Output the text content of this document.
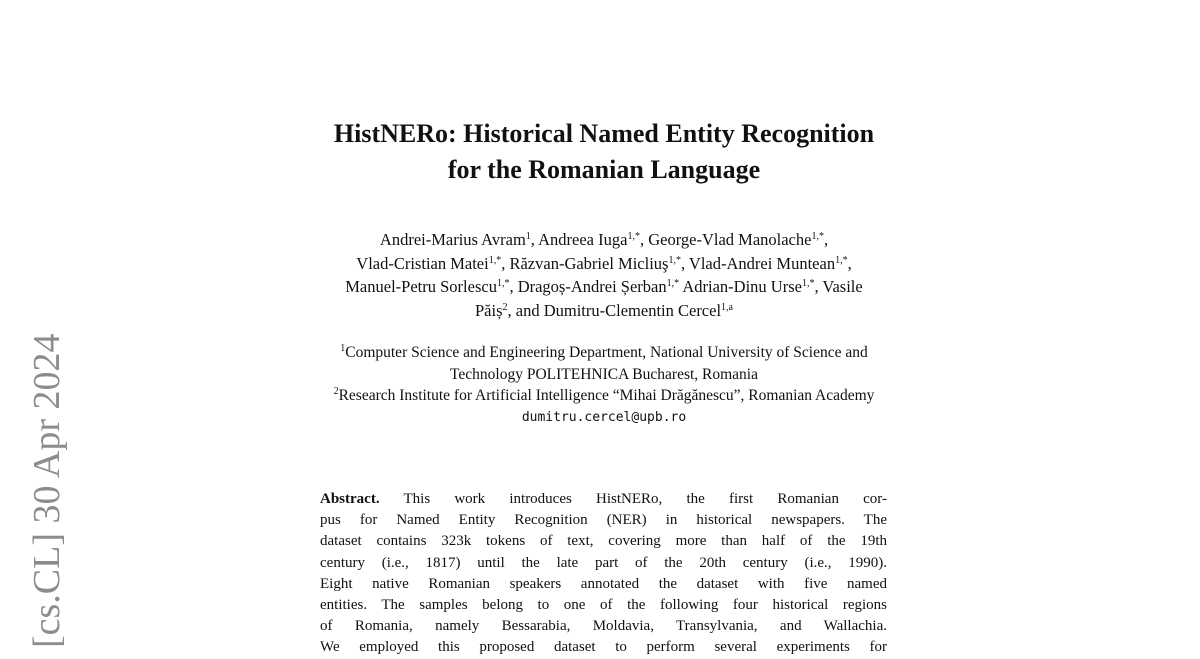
[cs.CL] 30 Apr 2024
HistNERo: Historical Named Entity Recognition
for the Romanian Language
Andrei-Marius Avram$^1$, Andreea Iuga$^{1,*}$, George-Vlad Manolache$^{1,*}$,
Vlad-Cristian Matei$^{1,*}$, Răzvan-Gabriel Micliuş$^{1,*}$, Vlad-Andrei Muntean$^{1,*}$,
Manuel-Petru Sorlescu$^{1,*}$, Dragoș-Andrei Șerban$^{1,*}$ Adrian-Dinu Urse$^{1,*}$, Vasile
Păiș$^2$, and Dumitru-Clementin Cercel$^{1,a}$
$^1$Computer Science and Engineering Department, National University of Science and
Technology POLITEHNICA Bucharest, Romania
$^2$Research Institute for Artificial Intelligence “Mihai Drăgănescu”, Romanian Academy
dumitru.cercel@upb.ro
Abstract. This work introduces HistNERo, the first Romanian cor-
pus for Named Entity Recognition (NER) in historical newspapers. The
dataset contains 323k tokens of text, covering more than half of the 19th
century (i.e., 1817) until the late part of the 20th century (i.e., 1990).
Eight native Romanian speakers annotated the dataset with five named
entities. The samples belong to one of the following four historical regions
of Romania, namely Bessarabia, Moldavia, Transylvania, and Wallachia.
We employed this proposed dataset to perform several experiments for
